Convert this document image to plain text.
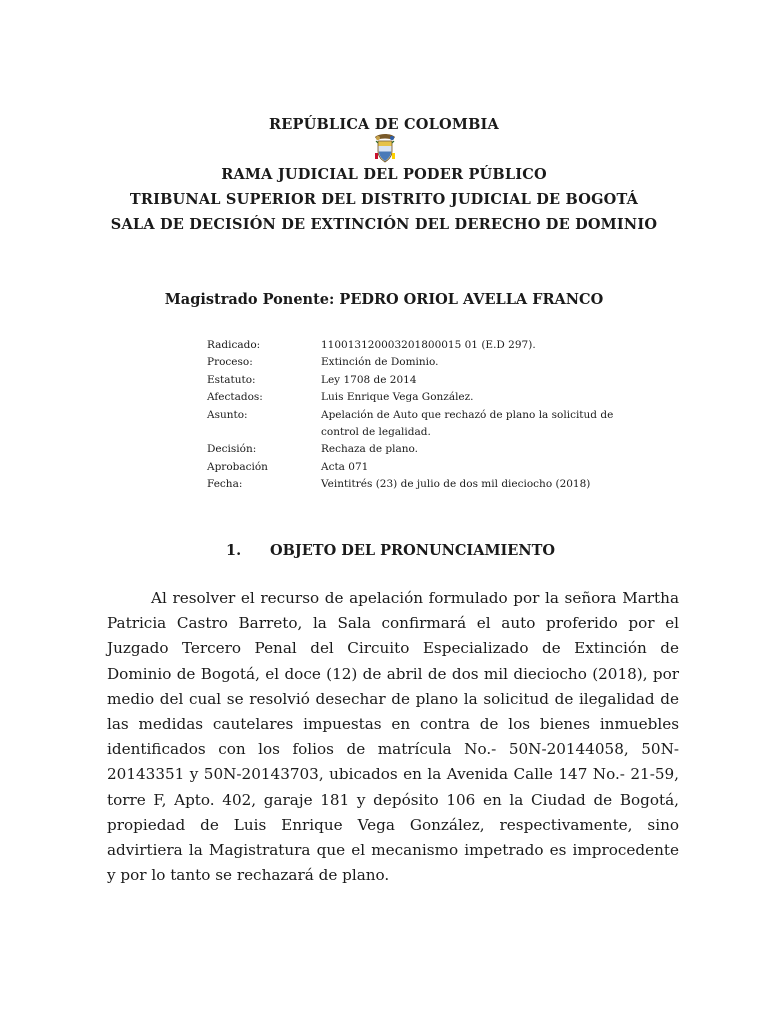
REPÚBLICA DE COLOMBIA
RAMA JUDICIAL DEL PODER PÚBLICO
TRIBUNAL SUPERIOR DEL DISTRITO JUDICIAL DE BOGOTÁ
SALA DE DECISIÓN DE EXTINCIÓN DEL DERECHO DE DOMINIO
Magistrado Ponente: PEDRO ORIOL AVELLA FRANCO
Radicado:	110013120003201800015 01 (E.D 297).
Proceso:	Extinción de Dominio.
Estatuto:	Ley 1708 de 2014
Afectados:	Luis Enrique Vega González.
Asunto:	Apelación de Auto que rechazó de plano la solicitud de control de legalidad.
Decisión:	Rechaza de plano.
Aprobación	Acta 071
Fecha:	Veintitrés (23) de julio de dos mil dieciocho (2018)
1. OBJETO DEL PRONUNCIAMIENTO
Al resolver el recurso de apelación formulado por la señora Martha Patricia Castro Barreto, la Sala confirmará el auto proferido por el Juzgado Tercero Penal del Circuito Especializado de Extinción de Dominio de Bogotá, el doce (12) de abril de dos mil dieciocho (2018), por medio del cual se resolvió desechar de plano la solicitud de ilegalidad de las medidas cautelares impuestas en contra de los bienes inmuebles identificados con los folios de matrícula No.- 50N-20144058, 50N-20143351 y 50N-20143703, ubicados en la Avenida Calle 147 No.- 21-59, torre F, Apto. 402, garaje 181 y depósito 106 en la Ciudad de Bogotá, propiedad de Luis Enrique Vega González, respectivamente, sino advirtiera la Magistratura que el mecanismo impetrado es improcedente y por lo tanto se rechazará de plano.
